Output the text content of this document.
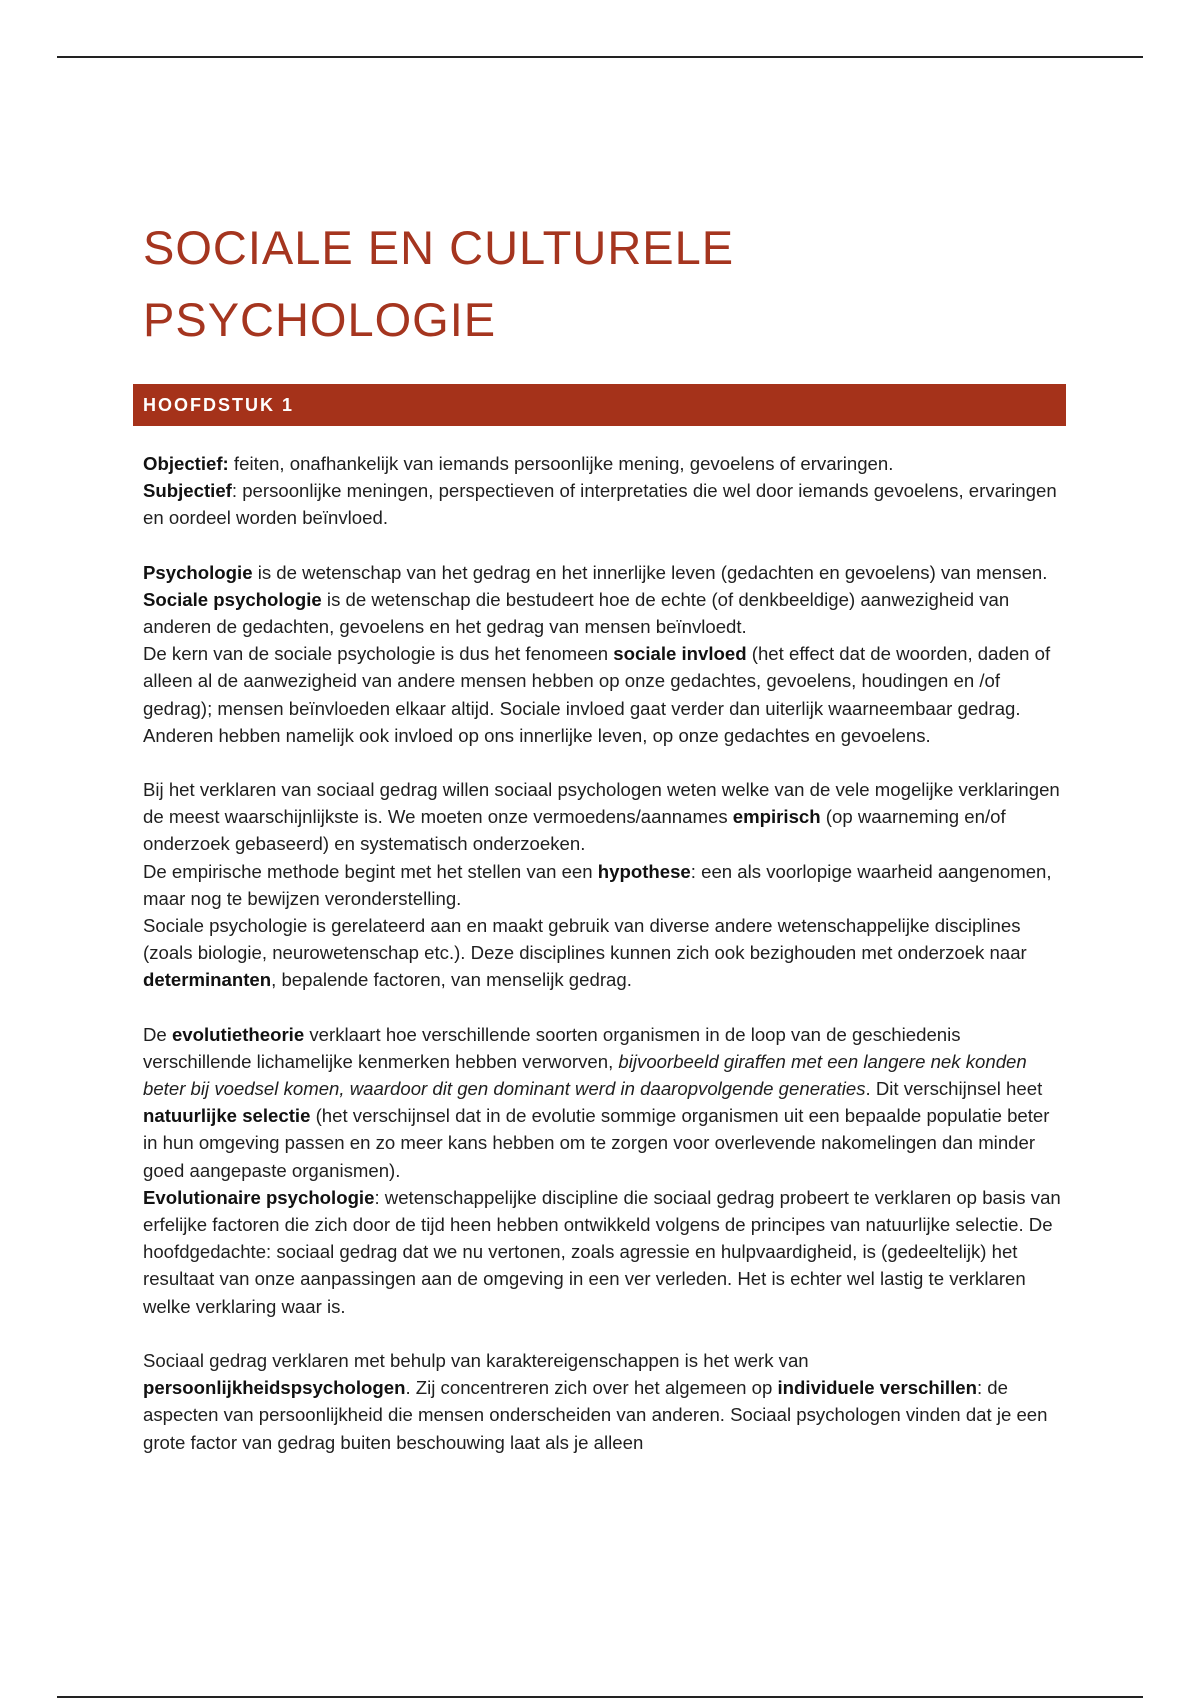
SOCIALE EN CULTURELE
PSYCHOLOGIE
HOOFDSTUK 1

Objectief: feiten, onafhankelijk van iemands persoonlijke mening, gevoelens of ervaringen.
Subjectief: persoonlijke meningen, perspectieven of interpretaties die wel door iemands gevoelens, ervaringen en oordeel worden beïnvloed.

Psychologie is de wetenschap van het gedrag en het innerlijke leven (gedachten en gevoelens) van mensen. Sociale psychologie is de wetenschap die bestudeert hoe de echte (of denkbeeldige) aanwezigheid van anderen de gedachten, gevoelens en het gedrag van mensen beïnvloedt.

De kern van de sociale psychologie is dus het fenomeen sociale invloed (het effect dat de woorden, daden of alleen al de aanwezigheid van andere mensen hebben op onze gedachtes, gevoelens, houdingen en /of gedrag); mensen beïnvloeden elkaar altijd. Sociale invloed gaat verder dan uiterlijk waarneembaar gedrag. Anderen hebben namelijk ook invloed op ons innerlijke leven, op onze gedachtes en gevoelens.

Bij het verklaren van sociaal gedrag willen sociaal psychologen weten welke van de vele mogelijke verklaringen de meest waarschijnlijkste is. We moeten onze vermoedens/aannames empirisch (op waarneming en/of onderzoek gebaseerd) en systematisch onderzoeken.

De empirische methode begint met het stellen van een hypothese: een als voorlopige waarheid aangenomen, maar nog te bewijzen veronderstelling.

Sociale psychologie is gerelateerd aan en maakt gebruik van diverse andere wetenschappelijke disciplines (zoals biologie, neurowetenschap etc.). Deze disciplines kunnen zich ook bezighouden met onderzoek naar determinanten, bepalende factoren, van menselijk gedrag.

De evolutietheorie verklaart hoe verschillende soorten organismen in de loop van de geschiedenis verschillende lichamelijke kenmerken hebben verworven, bijvoorbeeld giraffen met een langere nek konden beter bij voedsel komen, waardoor dit gen dominant werd in daaropvolgende generaties. Dit verschijnsel heet natuurlijke selectie (het verschijnsel dat in de evolutie sommige organismen uit een bepaalde populatie beter in hun omgeving passen en zo meer kans hebben om te zorgen voor overlevende nakomelingen dan minder goed aangepaste organismen).

Evolutionaire psychologie: wetenschappelijke discipline die sociaal gedrag probeert te verklaren op basis van erfelijke factoren die zich door de tijd heen hebben ontwikkeld volgens de principes van natuurlijke selectie. De hoofdgedachte: sociaal gedrag dat we nu vertonen, zoals agressie en hulpvaardigheid, is (gedeeltelijk) het resultaat van onze aanpassingen aan de omgeving in een ver verleden. Het is echter wel lastig te verklaren welke verklaring waar is.

Sociaal gedrag verklaren met behulp van karaktereigenschappen is het werk van persoonlijkheidspsychologen. Zij concentreren zich over het algemeen op individuele verschillen: de aspecten van persoonlijkheid die mensen onderscheiden van anderen. Sociaal psychologen vinden dat je een grote factor van gedrag buiten beschouwing laat als je alleen
